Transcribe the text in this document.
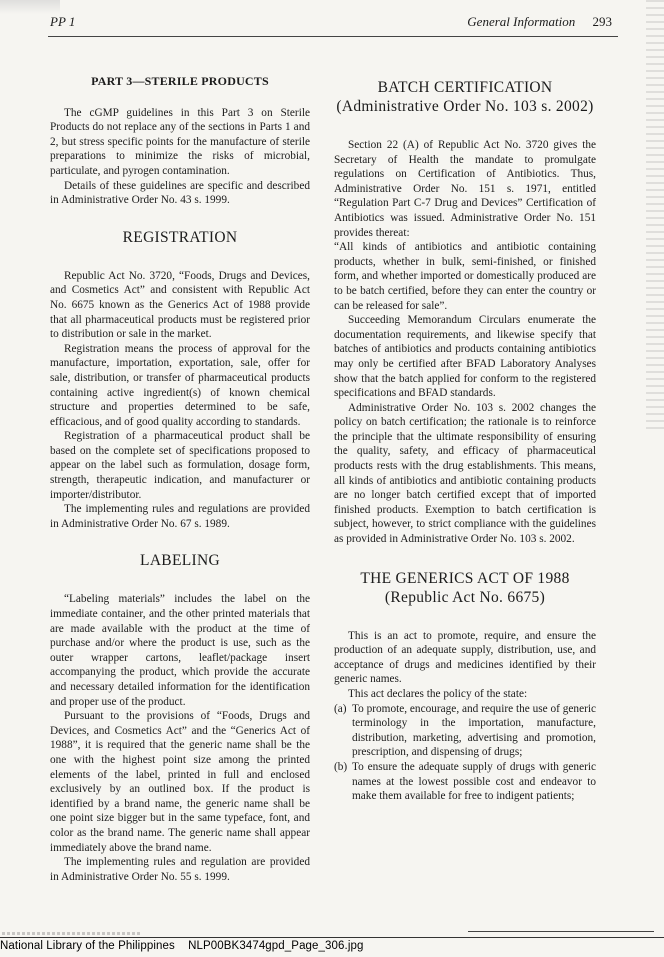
PP 1	General Information 293
PART 3—STERILE PRODUCTS

The cGMP guidelines in this Part 3 on Sterile Products do not replace any of the sections in Parts 1 and 2, but stress specific points for the manufacture of sterile preparations to minimize the risks of microbial, particulate, and pyrogen contamination.

Details of these guidelines are specific and described in Administrative Order No. 43 s. 1999.

REGISTRATION

Republic Act No. 3720, “Foods, Drugs and Devices, and Cosmetics Act” and consistent with Republic Act No. 6675 known as the Generics Act of 1988 provide that all pharmaceutical products must be registered prior to distribution or sale in the market.

Registration means the process of approval for the manufacture, importation, exportation, sale, offer for sale, distribution, or transfer of pharmaceutical products containing active ingredient(s) of known chemical structure and properties determined to be safe, efficacious, and of good quality according to standards.

Registration of a pharmaceutical product shall be based on the complete set of specifications proposed to appear on the label such as formulation, dosage form, strength, therapeutic indication, and manufacturer or importer/distributor.

The implementing rules and regulations are provided in Administrative Order No. 67 s. 1989.

LABELING

“Labeling materials” includes the label on the immediate container, and the other printed materials that are made available with the product at the time of purchase and/or where the product is use, such as the outer wrapper cartons, leaflet/package insert accompanying the product, which provide the accurate and necessary detailed information for the identification and proper use of the product.

Pursuant to the provisions of “Foods, Drugs and Devices, and Cosmetics Act” and the “Generics Act of 1988”, it is required that the generic name shall be the one with the highest point size among the printed elements of the label, printed in full and enclosed exclusively by an outlined box. If the product is identified by a brand name, the generic name shall be one point size bigger but in the same typeface, font, and color as the brand name. The generic name shall appear immediately above the brand name.

The implementing rules and regulation are provided in Administrative Order No. 55 s. 1999.

BATCH CERTIFICATION
(Administrative Order No. 103 s. 2002)

Section 22 (A) of Republic Act No. 3720 gives the Secretary of Health the mandate to promulgate regulations on Certification of Antibiotics. Thus, Administrative Order No. 151 s. 1971, entitled “Regulation Part C-7 Drug and Devices” Certification of Antibiotics was issued. Administrative Order No. 151 provides thereat:

“All kinds of antibiotics and antibiotic containing products, whether in bulk, semi-finished, or finished form, and whether imported or domestically produced are to be batch certified, before they can enter the country or can be released for sale”.

Succeeding Memorandum Circulars enumerate the documentation requirements, and likewise specify that batches of antibiotics and products containing antibiotics may only be certified after BFAD Laboratory Analyses show that the batch applied for conform to the registered specifications and BFAD standards.

Administrative Order No. 103 s. 2002 changes the policy on batch certification; the rationale is to reinforce the principle that the ultimate responsibility of ensuring the quality, safety, and efficacy of pharmaceutical products rests with the drug establishments. This means, all kinds of antibiotics and antibiotic containing products are no longer batch certified except that of imported finished products. Exemption to batch certification is subject, however, to strict compliance with the guidelines as provided in Administrative Order No. 103 s. 2002.

THE GENERICS ACT OF 1988
(Republic Act No. 6675)

This is an act to promote, require, and ensure the production of an adequate supply, distribution, use, and acceptance of drugs and medicines identified by their generic names.

This act declares the policy of the state:

(a) To promote, encourage, and require the use of generic terminology in the importation, manufacture, distribution, marketing, advertising and promotion, prescription, and dispensing of drugs;
(b) To ensure the adequate supply of drugs with generic names at the lowest possible cost and endeavor to make them available for free to indigent patients;
National Library of the Philippines NLP00BK3474gpd_Page_306.jpg
